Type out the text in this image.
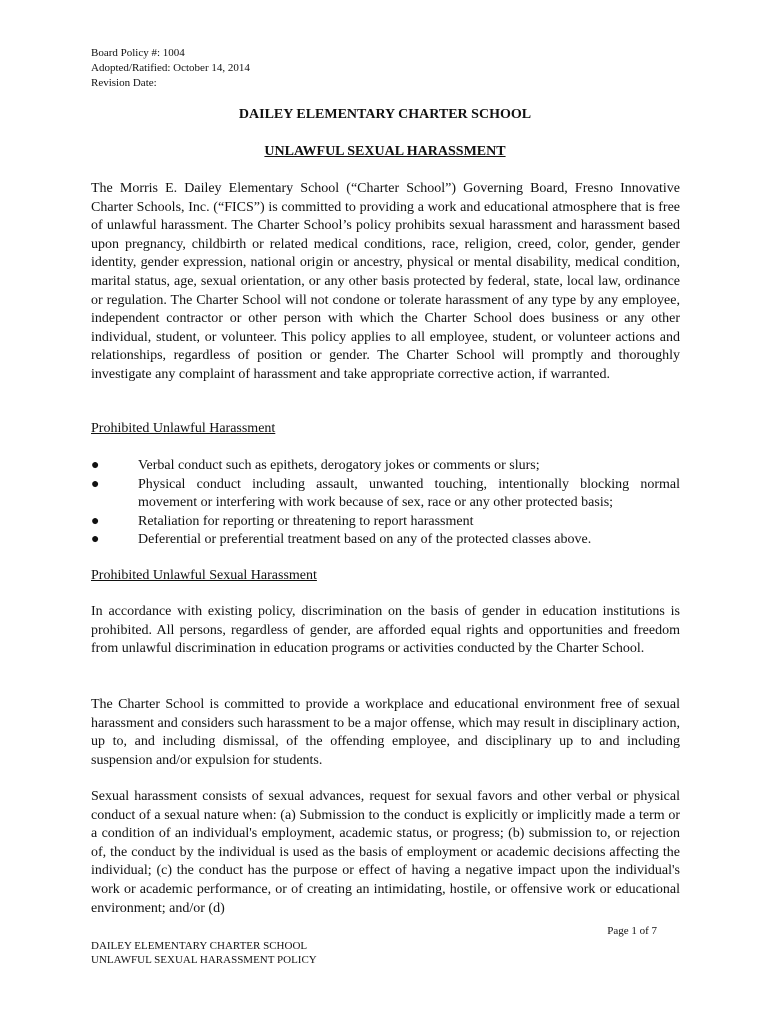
Board Policy #: 1004
Adopted/Ratified: October 14, 2014
Revision Date:
DAILEY ELEMENTARY CHARTER SCHOOL
UNLAWFUL SEXUAL HARASSMENT
The Morris E. Dailey Elementary School (“Charter School”) Governing Board, Fresno Innovative Charter Schools, Inc. (“FICS”) is committed to providing a work and educational atmosphere that is free of unlawful harassment. The Charter School’s policy prohibits sexual harassment and harassment based upon pregnancy, childbirth or related medical conditions, race, religion, creed, color, gender, gender identity, gender expression, national origin or ancestry, physical or mental disability, medical condition, marital status, age, sexual orientation, or any other basis protected by federal, state, local law, ordinance or regulation. The Charter School will not condone or tolerate harassment of any type by any employee, independent contractor or other person with which the Charter School does business or any other individual, student, or volunteer. This policy applies to all employee, student, or volunteer actions and relationships, regardless of position or gender. The Charter School will promptly and thoroughly investigate any complaint of harassment and take appropriate corrective action, if warranted.
Prohibited Unlawful Harassment
●	Verbal conduct such as epithets, derogatory jokes or comments or slurs;
●	Physical conduct including assault, unwanted touching, intentionally blocking normal movement or interfering with work because of sex, race or any other protected basis;
●	Retaliation for reporting or threatening to report harassment
●	Deferential or preferential treatment based on any of the protected classes above.
Prohibited Unlawful Sexual Harassment
In accordance with existing policy, discrimination on the basis of gender in education institutions is prohibited. All persons, regardless of gender, are afforded equal rights and opportunities and freedom from unlawful discrimination in education programs or activities conducted by the Charter School.
The Charter School is committed to provide a workplace and educational environment free of sexual harassment and considers such harassment to be a major offense, which may result in disciplinary action, up to, and including dismissal, of the offending employee, and disciplinary up to and including suspension and/or expulsion for students.
Sexual harassment consists of sexual advances, request for sexual favors and other verbal or physical conduct of a sexual nature when: (a) Submission to the conduct is explicitly or implicitly made a term or a condition of an individual's employment, academic status, or progress; (b) submission to, or rejection of, the conduct by the individual is used as the basis of employment or academic decisions affecting the individual; (c) the conduct has the purpose or effect of having a negative impact upon the individual's work or academic performance, or of creating an intimidating, hostile, or offensive work or educational environment; and/or (d)
Page 1 of 7
DAILEY ELEMENTARY CHARTER SCHOOL
UNLAWFUL SEXUAL HARASSMENT POLICY
